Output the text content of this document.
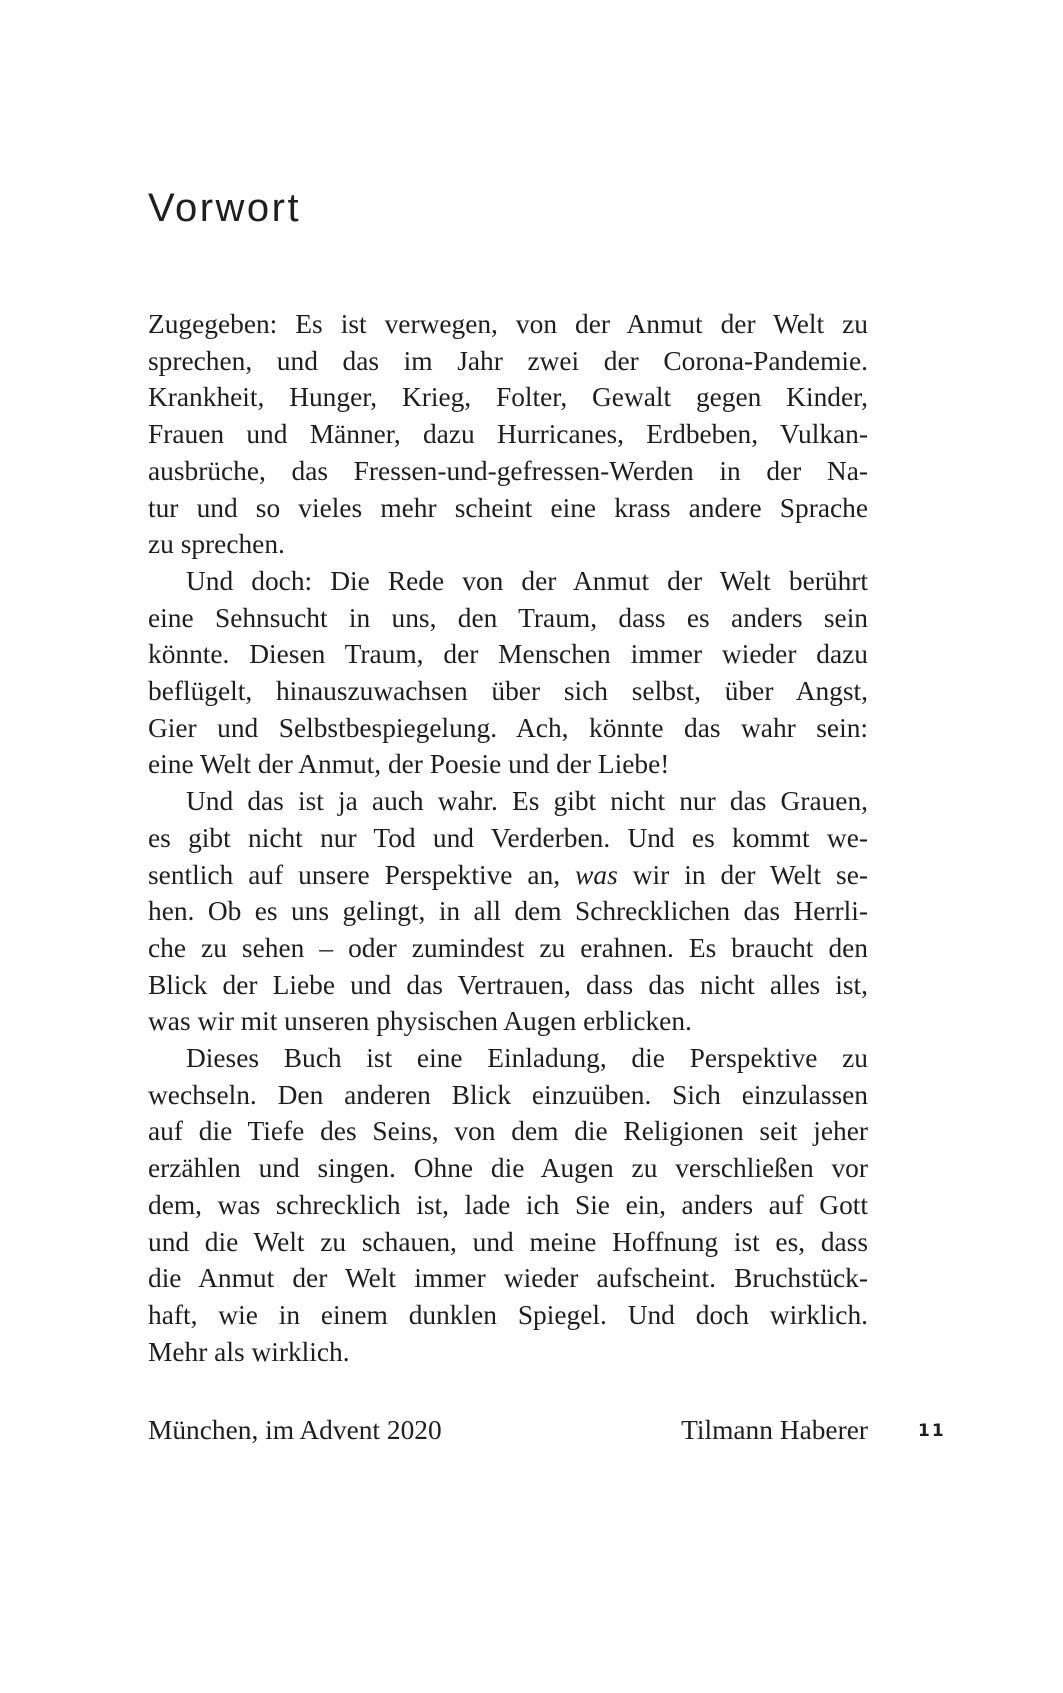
Vorwort
Zugegeben: Es ist verwegen, von der Anmut der Welt zu
sprechen, und das im Jahr zwei der Corona-Pandemie.
Krankheit, Hunger, Krieg, Folter, Gewalt gegen Kinder,
Frauen und Männer, dazu Hurricanes, Erdbeben, Vulkan-
ausbrüche, das Fressen-und-gefressen-Werden in der Na-
tur und so vieles mehr scheint eine krass andere Sprache
zu sprechen.
Und doch: Die Rede von der Anmut der Welt berührt
eine Sehnsucht in uns, den Traum, dass es anders sein
könnte. Diesen Traum, der Menschen immer wieder dazu
beflügelt, hinauszuwachsen über sich selbst, über Angst,
Gier und Selbstbespiegelung. Ach, könnte das wahr sein:
eine Welt der Anmut, der Poesie und der Liebe!
Und das ist ja auch wahr. Es gibt nicht nur das Grauen,
es gibt nicht nur Tod und Verderben. Und es kommt we-
sentlich auf unsere Perspektive an, was wir in der Welt se-
hen. Ob es uns gelingt, in all dem Schrecklichen das Herrli-
che zu sehen – oder zumindest zu erahnen. Es braucht den
Blick der Liebe und das Vertrauen, dass das nicht alles ist,
was wir mit unseren physischen Augen erblicken.
Dieses Buch ist eine Einladung, die Perspektive zu
wechseln. Den anderen Blick einzuüben. Sich einzulassen
auf die Tiefe des Seins, von dem die Religionen seit jeher
erzählen und singen. Ohne die Augen zu verschließen vor
dem, was schrecklich ist, lade ich Sie ein, anders auf Gott
und die Welt zu schauen, und meine Hoffnung ist es, dass
die Anmut der Welt immer wieder aufscheint. Bruchstück-
haft, wie in einem dunklen Spiegel. Und doch wirklich.
Mehr als wirklich.
München, im Advent 2020	Tilmann Haberer	11
